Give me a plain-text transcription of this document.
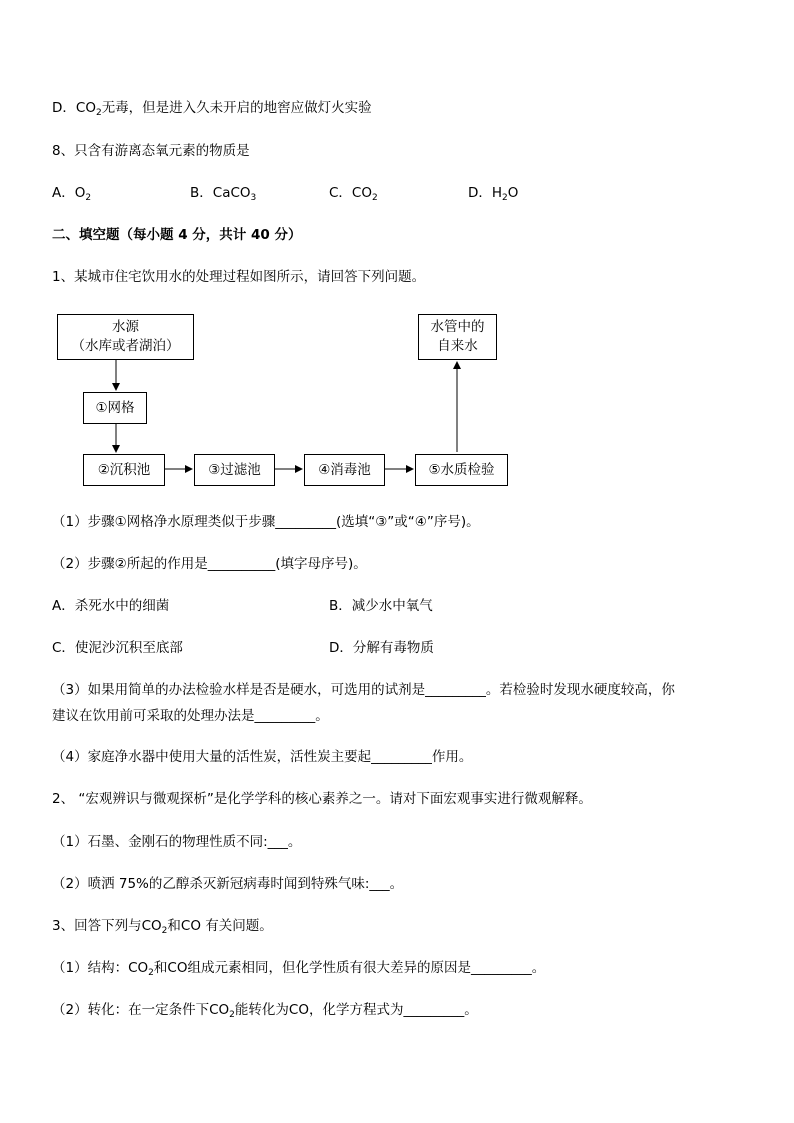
D．$CO_2$无毒，但是进入久未开启的地窖应做灯火实验
8、只含有游离态氧元素的物质是
A．$O_2$	B．CaCO$_3$	C．$CO_2$	D．$H_2O$
二、填空题（每小题 4 分，共计 40 分）
1、某城市住宅饮用水的处理过程如图所示，请回答下列问题。
水源
（水库或者湖泊）
①网格
②沉积池	③过滤池	④消毒池	⑤水质检验
水管中的
自来水
（1）步骤①网格净水原理类似于步骤_________(选填“③”或“④”序号)。
（2）步骤②所起的作用是__________(填字母序号)。
A．杀死水中的细菌	B．减少水中氧气
C．使泥沙沉积至底部	D．分解有毒物质
（3）如果用简单的办法检验水样是否是硬水，可选用的试剂是_________。若检验时发现水硬度较高，你
建议在饮用前可采取的处理办法是_________。
（4）家庭净水器中使用大量的活性炭，活性炭主要起_________作用。
2、 “宏观辨识与微观探析”是化学学科的核心素养之一。请对下面宏观事实进行微观解释。
（1）石墨、金刚石的物理性质不同:___。
（2）喷洒 75%的乙醇杀灭新冠病毒时闻到特殊气味:___。
3、回答下列与$CO_2$和CO 有关问题。
（1）结构：$CO_2$和CO组成元素相同，但化学性质有很大差异的原因是_________。
（2）转化：在一定条件下$CO_2$能转化为CO，化学方程式为_________。
